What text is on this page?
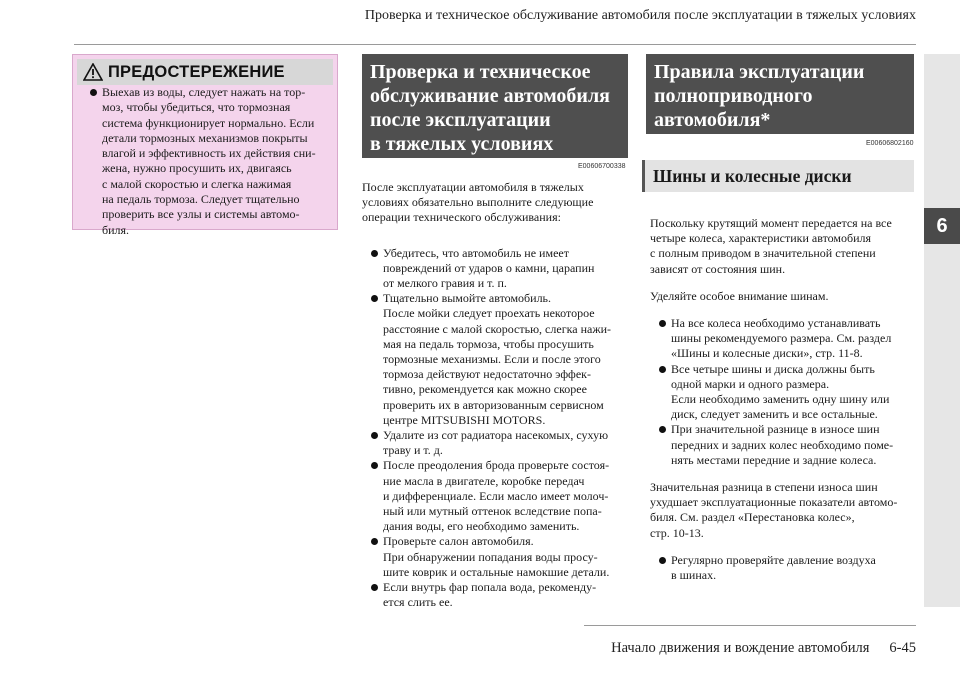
Проверка и техническое обслуживание автомобиля после эксплуатации в тяжелых условиях
6
ПРЕДОСТЕРЕЖЕНИЕ
Выехав из воды, следует нажать на тор-
моз, чтобы убедиться, что тормозная
система функционирует нормально. Если
детали тормозных механизмов покрыты
влагой и эффективность их действия сни-
жена, нужно просушить их, двигаясь
с малой скоростью и слегка нажимая
на педаль тормоза. Следует тщательно
проверить все узлы и системы автомо-
биля.
Проверка и техническое
обслуживание автомобиля
после эксплуатации
в тяжелых условиях
E00606700338

После эксплуатации автомобиля в тяжелых
условиях обязательно выполните следующие
операции технического обслуживания:

Убедитесь, что автомобиль не имеет
повреждений от ударов о камни, царапин
от мелкого гравия и т. п.
Тщательно вымойте автомобиль.
После мойки следует проехать некоторое
расстояние с малой скоростью, слегка нажи-
мая на педаль тормоза, чтобы просушить
тормозные механизмы. Если и после этого
тормоза действуют недостаточно эффек-
тивно, рекомендуется как можно скорее
проверить их в авторизованным сервисном
центре MITSUBISHI MOTORS.
Удалите из сот радиатора насекомых, сухую
траву и т. д.
После преодоления брода проверьте состоя-
ние масла в двигателе, коробке передач
и дифференциале. Если масло имеет молоч-
ный или мутный оттенок вследствие попа-
дания воды, его необходимо заменить.
Проверьте салон автомобиля.
При обнаружении попадания воды просу-
шите коврик и остальные намокшие детали.
Если внутрь фар попала вода, рекоменду-
ется слить ее.
Правила эксплуатации
полноприводного
автомобиля*
E00606802160
Шины и колесные диски

Поскольку крутящий момент передается на все
четыре колеса, характеристики автомобиля
с полным приводом в значительной степени
зависят от состояния шин.

Уделяйте особое внимание шинам.

На все колеса необходимо устанавливать
шины рекомендуемого размера. См. раздел
«Шины и колесные диски», стр. 11-8.
Все четыре шины и диска должны быть
одной марки и одного размера.
Если необходимо заменить одну шину или
диск, следует заменить и все остальные.
При значительной разнице в износе шин
передних и задних колес необходимо поме-
нять местами передние и задние колеса.

Значительная разница в степени износа шин
ухудшает эксплуатационные показатели автомо-
биля. См. раздел «Перестановка колес»,
стр. 10-13.

Регулярно проверяйте давление воздуха
в шинах.
Начало движения и вождение автомобиля 6-45
